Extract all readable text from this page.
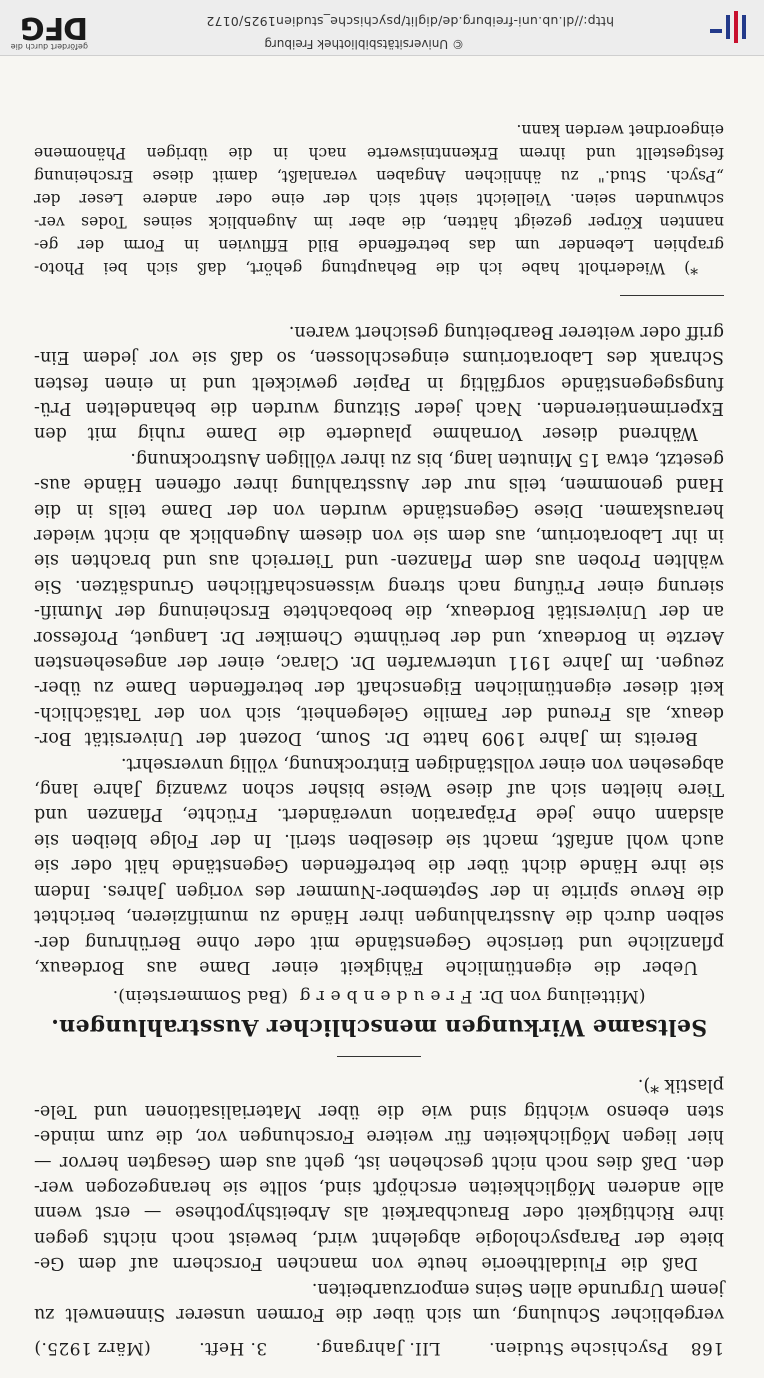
168
Psychische Studien.
LII. Jahrgang.
3. Heft.
(März 1925.)

vergeblicher Schulung, um sich über die Formen unserer Sinnenwelt zu
jenem Urgrunde allen Seins emporzuarbeiten.

Daß die Fluidaltheorie heute von manchen Forschern auf dem Ge-
biete der Parapsychologie abgelehnt wird, beweist noch nichts gegen
ihre Richtigkeit oder Brauchbarkeit als Arbeitshypothese — erst wenn
alle anderen Möglichkeiten erschöpft sind, sollte sie herangezogen wer-
den. Daß dies noch nicht geschehen ist, geht aus dem Gesagten hervor —
hier liegen Möglichkeiten für weitere Forschungen vor, die zum minde-
sten ebenso wichtig sind wie die über Materialisationen und Tele-
plastik *).

Seltsame Wirkungen menschlicher Ausstrahlungen.
(Mitteilung von Dr. Freudenberg (Bad Sommerstein).

Ueber die eigentümliche Fähigkeit einer Dame aus Bordeaux,
pflanzliche und tierische Gegenstände mit oder ohne Berührung der-
selben durch die Ausstrahlungen ihrer Hände zu mumifizieren, berichtet
die Revue spirite in der September-Nummer des vorigen Jahres. Indem
sie ihre Hände dicht über die betreffenden Gegenstände hält oder sie
auch wohl anfaßt, macht sie dieselben steril. In der Folge bleiben sie
alsdann ohne jede Präparation unverändert. Früchte, Pflanzen und
Tiere hielten sich auf diese Weise bisher schon zwanzig Jahre lang,
abgesehen von einer vollständigen Eintrocknung, völlig unversehrt.

Bereits im Jahre 1909 hatte Dr. Soum, Dozent der Universität Bor-
deaux, als Freund der Familie Gelegenheit, sich von der Tatsächlich-
keit dieser eigentümlichen Eigenschaft der betreffenden Dame zu über-
zeugen. Im Jahre 1911 unterwarfen Dr. Clarac, einer der angesehensten
Aerzte in Bordeaux, und der berühmte Chemiker Dr. Languet, Professor
an der Universität Bordeaux, die beobachtete Erscheinung der Mumifi-
sierung einer Prüfung nach streng wissenschaftlichen Grundsätzen. Sie
wählten Proben aus dem Pflanzen- und Tierreich aus und brachten sie
in ihr Laboratorium, aus dem sie von diesem Augenblick ab nicht wieder
herauskamen. Diese Gegenstände wurden von der Dame teils in die
Hand genommen, teils nur der Ausstrahlung ihrer offenen Hände aus-
gesetzt, etwa 15 Minuten lang, bis zu ihrer völligen Austrocknung.

Während dieser Vornahme plauderte die Dame ruhig mit den
Experimentierenden. Nach jeder Sitzung wurden die behandelten Prü-
fungsgegenstände sorgfältig in Papier gewickelt und in einen festen
Schrank des Laboratoriums eingeschlossen, so daß sie vor jedem Ein-
griff oder weiterer Bearbeitung gesichert waren.

*) Wiederholt habe ich die Behauptung gehört, daß sich bei Photo-
graphien Lebender um das betreffende Bild Effluvien in Form der ge-
nannten Körper gezeigt hätten, die aber im Augenblick seines Todes ver-
schwunden seien. Vielleicht sieht sich der eine oder andere Leser der
„Psych. Stud." zu ähnlichen Angaben veranlaßt, damit diese Erscheinung
festgestellt und ihrem Erkenntniswerte nach in die übrigen Phänomene
eingeordnet werden kann.

© Universitätsbibliothek Freiburg
http://dl.ub.uni-freiburg.de/diglit/psychische_studien1925/0172
gefördert durch die
DFG
